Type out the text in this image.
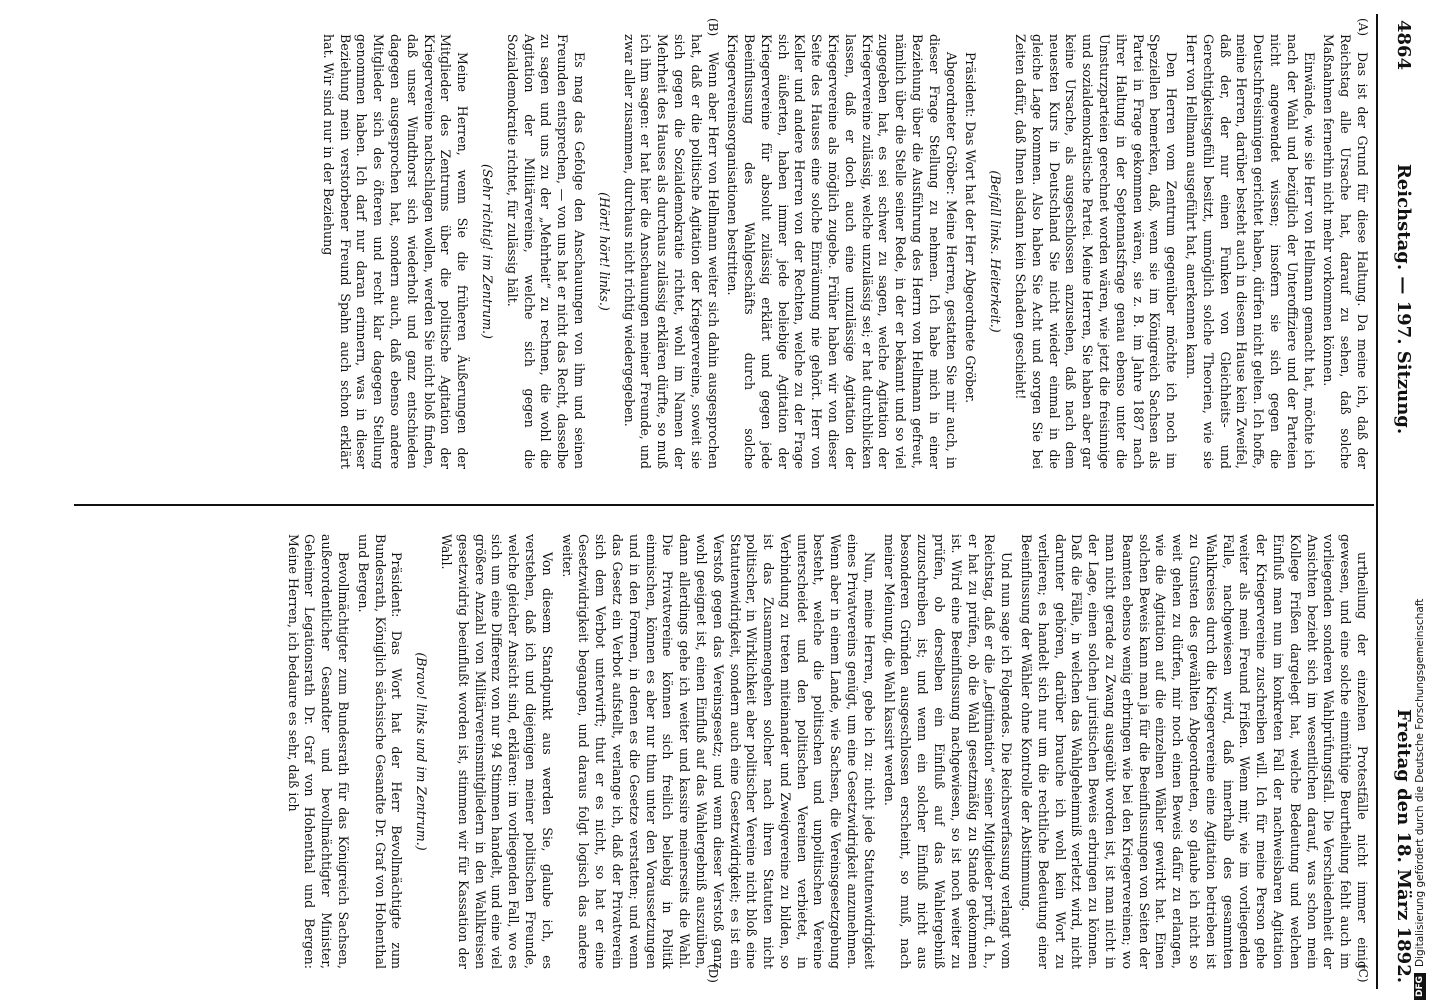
4864
Reichstag. — 197. Sitzung.
Freitag den 18. März 1892.
(A)
(B)
(C)
(D)

Das ist der Grund für diese Haltung. Da meine ich, daß der Reichstag alle Ursache hat, darauf zu sehen, daß solche Maßnahmen fernerhin nicht mehr vorkommen können.

Einwände, wie sie Herr von Hellmann gemacht hat, möchte ich nach der Wahl und bezüglich der Unteroffiziere und der Parteien nicht angewendet wissen; insofern sie sich gegen die Deutschfreisinnigen gerichtet haben, dürfen nicht gelten. Ich hoffe, meine Herren, darüber besteht auch in diesem Hause kein Zweifel, daß der, der nur einen Funken von Gleichheits- und Gerechtigkeitsgefühl besitzt, unmöglich solche Theorien, wie sie Herr von Hellmann ausgeführt hat, anerkennen kann.

Den Herren vom Zentrum gegenüber möchte ich noch im Speziellen bemerken, daß, wenn sie im Königreich Sachsen als Partei in Frage gekommen wären, sie z. B. im Jahre 1887 nach ihrer Haltung in der Septennatsfrage genau ebenso unter die Umsturzparteien gerechnet worden wären, wie jetzt die freisinnige und sozialdemokratische Partei. Meine Herren, Sie haben aber gar keine Ursache, als ausgeschlossen anzusehen, daß nach dem neuesten Kurs in Deutschland Sie nicht wieder einmal in die gleiche Lage kommen. Also haben Sie Acht und sorgen Sie bei Zeiten dafür, daß Ihnen alsdann kein Schaden geschieht!

(Beifall links. Heiterkeit.)

Präsident: Das Wort hat der Herr Abgeordnete Gröber.

Abgeordneter Gröber: Meine Herren, gestatten Sie mir auch, in dieser Frage Stellung zu nehmen. Ich habe mich in einer Beziehung über die Ausführung des Herrn von Hellmann gefreut, nämlich über die Stelle seiner Rede, in der er bekannt und so viel zugegeben hat, es sei schwer zu sagen, welche Agitation der Kriegervereine zulässig, welche unzulässig sei; er hat durchblicken lassen, daß er doch auch eine unzulässige Agitation der Kriegervereine als möglich zugebe. Früher haben wir von dieser Seite des Hauses eine solche Einräumung nie gehört. Herr von Keller und andere Herren von der Rechten, welche zu der Frage sich äußerten, haben immer jede beliebige Agitation der Kriegervereine für absolut zulässig erklärt und gegen jede Beeinflussung des Wahlgeschäfts durch solche Kriegervereinsorganisationen bestritten.

Wenn aber Herr von Hellmann weiter sich dahin ausgesprochen hat, daß er die politische Agitation der Kriegervereine, soweit sie sich gegen die Sozialdemokratie richtet, wohl im Namen der Mehrheit des Hauses als durchaus zulässig erklären dürfte, so muß ich ihm sagen: er hat hier die Anschauungen meiner Freunde, und zwar aller zusammen, durchaus nicht richtig wiedergegeben.

(Hört! hört! links.)

Es mag das Gefolge den Anschauungen von ihm und seinen Freunden entsprechen, — von uns hat er nicht das Recht, dasselbe zu sagen und uns zu der „Mehrheit“ zu rechnen, die wohl die Agitation der Militärvereine, welche sich gegen die Sozialdemokratie richtet, für zulässig hält.

(Sehr richtig! im Zentrum.)

Meine Herren, wenn Sie die früheren Äußerungen der Mitglieder des Zentrums über die politische Agitation der Kriegervereine nachschlagen wollen, werden Sie nicht bloß finden, daß unser Windthorst sich wiederholt und ganz entschieden dagegen ausgesprochen hat, sondern auch, daß ebenso andere Mitglieder sich des öfteren und recht klar dagegen Stellung genommen haben. Ich darf nur daran erinnern, was in dieser Beziehung mein verstorbener Freund Spahn auch schon erklärt hat. Wir sind nur in der Beziehung

urtheilung der einzelnen Protestfälle nicht immer einig gewesen, und eine solche einmüthige Beurtheilung fehlt auch im vorliegenden sonderen Wahlprüfungsfall. Die Verschiedenheit der Ansichten bezieht sich im wesentlichen darauf, was schon mein Kollege Frißen dargelegt hat, welche Bedeutung und welchen Einfluß man nun im konkreten Fall der nachweisbaren Agitation der Kriegervereine zuschreiben will. Ich für meine Person gehe weiter als mein Freund Frißen. Wenn mir, wie im vorliegenden Falle, nachgewiesen wird, daß innerhalb des gesammten Wahlkreises durch die Kriegervereine eine Agitation betrieben ist zu Gunsten des gewählten Abgeordneten, so glaube ich nicht so weit gehen zu dürfen, mir noch einen Beweis dafür zu erlangen, wie die Agitation auf die einzelnen Wähler gewirkt hat. Einen solchen Beweis kann man ja für die Beeinflussungen von Seiten der Beamten ebenso wenig erbringen wie bei den Kriegervereinen; wo man nicht gerade zu Zwang ausgeübt worden ist, ist man nicht in der Lage, einen solchen juristischen Beweis erbringen zu können. Daß die Fälle, in welchen das Wahlgeheimniß verletzt wird, nicht darunter gehören, darüber brauche ich wohl kein Wort zu verlieren; es handelt sich nur um die rechtliche Bedeutung einer Beeinflussung der Wähler ohne Kontrolle der Abstimmung.

Und nun sage ich Folgendes. Die Reichsverfassung verlangt vom Reichstag, daß er die „Legitimation“ seiner Mitglieder prüft, d. h., er hat zu prüfen, ob die Wahl gesetzmäßig zu Stande gekommen ist. Wird eine Beeinflussung nachgewiesen, so ist noch weiter zu prüfen, ob derselben ein Einfluß auf das Wahlergebniß zuzuschreiben ist; und wenn ein solcher Einfluß nicht aus besonderen Gründen ausgeschlossen erscheint, so muß, nach meiner Meinung, die Wahl kassirt werden.

Nun, meine Herren, gebe ich zu: nicht jede Statutenwidrigkeit eines Privatvereins genügt, um eine Gesetzwidrigkeit anzunehmen. Wenn aber in einem Lande, wie Sachsen, die Vereinsgesetzgebung besteht, welche die politischen und unpolitischen Vereine unterscheidet und den politischen Vereinen verbietet, in Verbindung zu treten miteinander und Zweigvereine zu bilden, so ist das Zusammengehen solcher nach ihren Statuten nicht politischer, in Wirklichkeit aber politischer Vereine nicht bloß eine Statutenwidrigkeit, sondern auch eine Gesetzwidrigkeit; es ist ein Verstoß gegen das Vereinsgesetz; und wenn dieser Verstoß ganz wohl geeignet ist, einen Einfluß auf das Wahlergebniß auszuüben, dann allerdings gehe ich weiter und kassire meinerseits die Wahl. Die Privatvereine können sich freilich beliebig in Politik einmischen, können es aber nur thun unter den Voraussetzungen und in den Formen, in denen es die Gesetze verstatten; und wenn das Gesetz ein Verbot aufstellt, verlange ich, daß der Privatverein sich dem Verbot unterwirft; thut er es nicht, so hat er eine Gesetzwidrigkeit begangen, und daraus folgt logisch das andere weiter.

Von diesem Standpunkt aus werden Sie, glaube ich, es verstehen, daß ich und diejenigen meiner politischen Freunde, welche gleicher Ansicht sind, erklären: im vorliegenden Fall, wo es sich um eine Differenz von nur 94 Stimmen handelt, und eine viel größere Anzahl von Militärvereinsmitgliedern in den Wahlkreisen gesetzwidrig beeinflußt worden ist, stimmen wir für Kassation der Wahl.

(Bravo! links und im Zentrum.)

Präsident: Das Wort hat der Herr Bevollmächtigte zum Bundesrath, Königlich sächsische Gesandte Dr. Graf von Hohenthal und Bergen.

Bevollmächtigter zum Bundesrath für das Königreich Sachsen, außerordentlicher Gesandter und bevollmächtigter Minister, Geheimer Legationsrath Dr. Graf von Hohenthal und Bergen: Meine Herren, ich bedaure es sehr, daß ich

DFG
Digitalisierung gefördert durch die Deutsche Forschungsgemeinschaft
